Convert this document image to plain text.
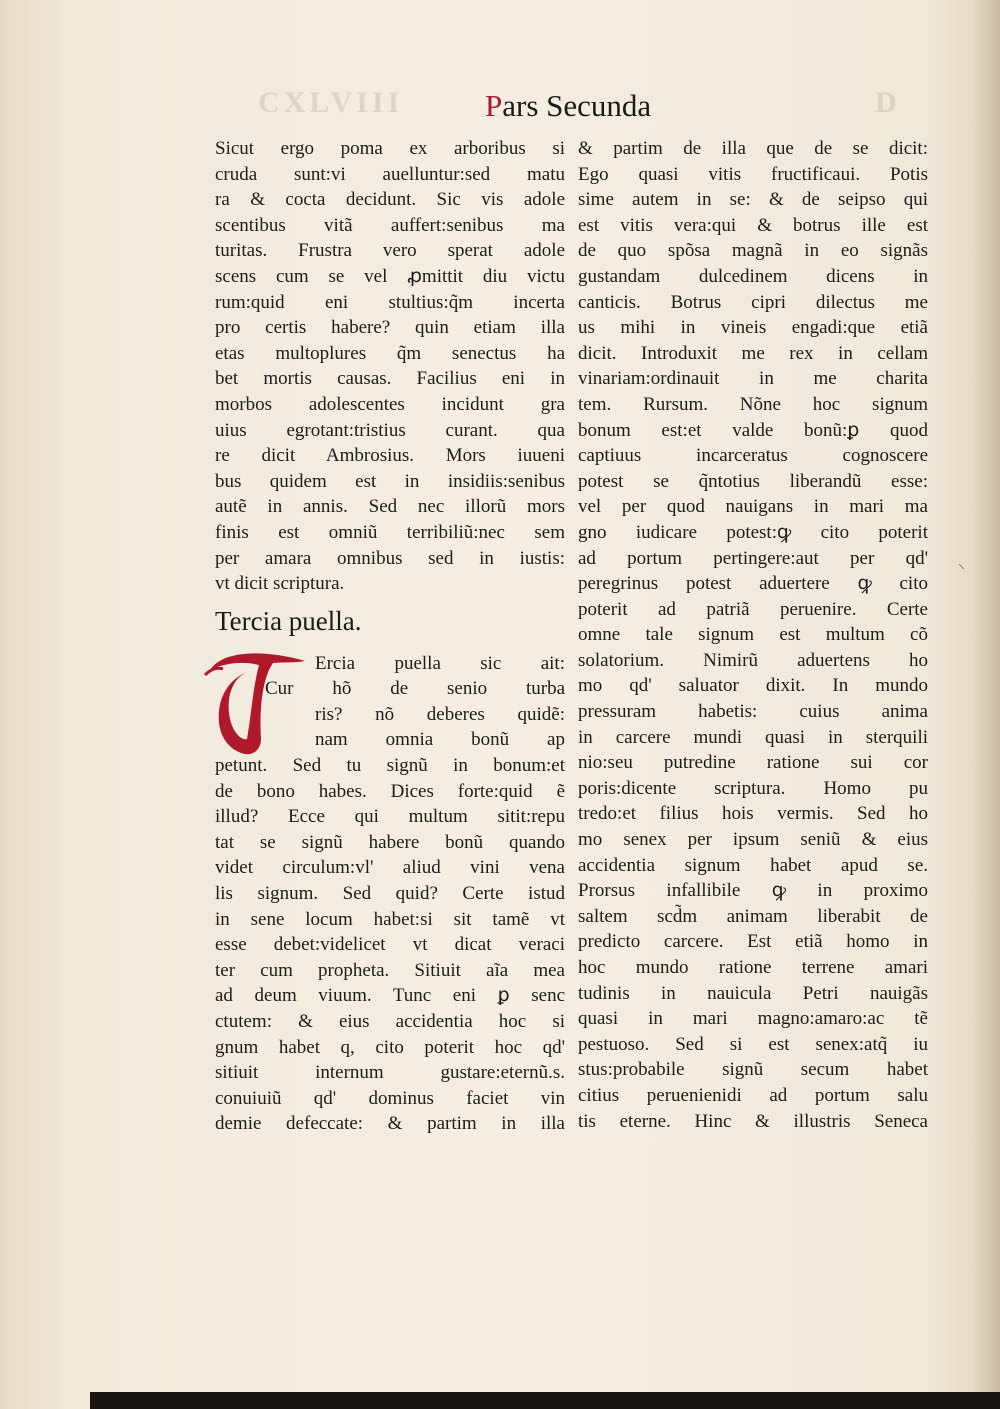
CXLVIII	D
Pars Secunda
Sicut ergo poma ex arboribus si
cruda sunt:vi auelluntur:sed matu
ra & cocta decidunt. Sic vis adole
scentibus vitã auffert:senibus ma
turitas. Frustra vero sperat adole
scens cum se vel ꝓmittit diu victu
rum:quid eni stultius:q̃m incerta
pro certis habere? quin etiam illa
etas multoplures q̃m senectus ha
bet mortis causas. Facilius eni in
morbos adolescentes incidunt gra
uius egrotant:tristius curant. qua
re dicit Ambrosius. Mors iuueni
bus quidem est in insidiis:senibus
autẽ in annis. Sed nec illorũ mors
finis est omniũ terribiliũ:nec sem
per amara omnibus sed in iustis:
vt dicit scriptura.
Tercia puella.
Ercia puella sic ait:
Cur hõ de senio turba
ris? nõ deberes quidẽ:
nam omnia bonũ ap
petunt. Sed tu signũ in bonum:et
de bono habes. Dices forte:quid ẽ
illud? Ecce qui multum sitit:repu
tat se signũ habere bonũ quando
videt circulum:vl' aliud vini vena
lis signum. Sed quid? Certe istud
in sene locum habet:si sit tamẽ vt
esse debet:videlicet vt dicat veraci
ter cum propheta. Sitiuit aĩa mea
ad deum viuum. Tunc eni ꝑ senc
ctutem: & eius accidentia hoc si
gnum habet q, cito poterit hoc qd'
sitiuit internum gustare:eternũ.s.
conuiuiũ qd' dominus faciet vin
demie defeccate: & partim in illa
& partim de illa que de se dicit:
Ego quasi vitis fructificaui. Potis
sime autem in se: & de seipso qui
est vitis vera:qui & botrus ille est
de quo spõsa magnã in eo signãs
gustandam dulcedinem dicens in
canticis. Botrus cipri dilectus me
us mihi in vineis engadi:que etiã
dicit. Introduxit me rex in cellam
vinariam:ordinauit in me charita
tem. Rursum. Nõne hoc signum
bonum est:et valde bonũ:ꝑ quod
captiuus incarceratus cognoscere
potest se q̃ntotius liberandũ esse:
vel per quod nauigans in mari ma
gno iudicare potest:ꝙ cito poterit
ad portum pertingere:aut per qd'
peregrinus potest aduertere ꝙ cito
poterit ad patriã peruenire. Certe
omne tale signum est multum cõ
solatorium. Nimirũ aduertens ho
mo qd' saluator dixit. In mundo
pressuram habetis: cuius anima
in carcere mundi quasi in sterquili
nio:seu putredine ratione sui cor
poris:dicente scriptura. Homo pu
tredo:et filius hois vermis. Sed ho
mo senex per ipsum seniũ & eius
accidentia signum habet apud se.
Prorsus infallibile ꝙ in proximo
saltem scd̃m animam liberabit de
predicto carcere. Est etiã homo in
hoc mundo ratione terrene amari
tudinis in nauicula Petri nauigãs
quasi in mari magno:amaro:ac tẽ
pestuoso. Sed si est senex:atq̃ iu
stus:probabile signũ secum habet
citius peruenienidi ad portum salu
tis eterne. Hinc & illustris Seneca
⸌
